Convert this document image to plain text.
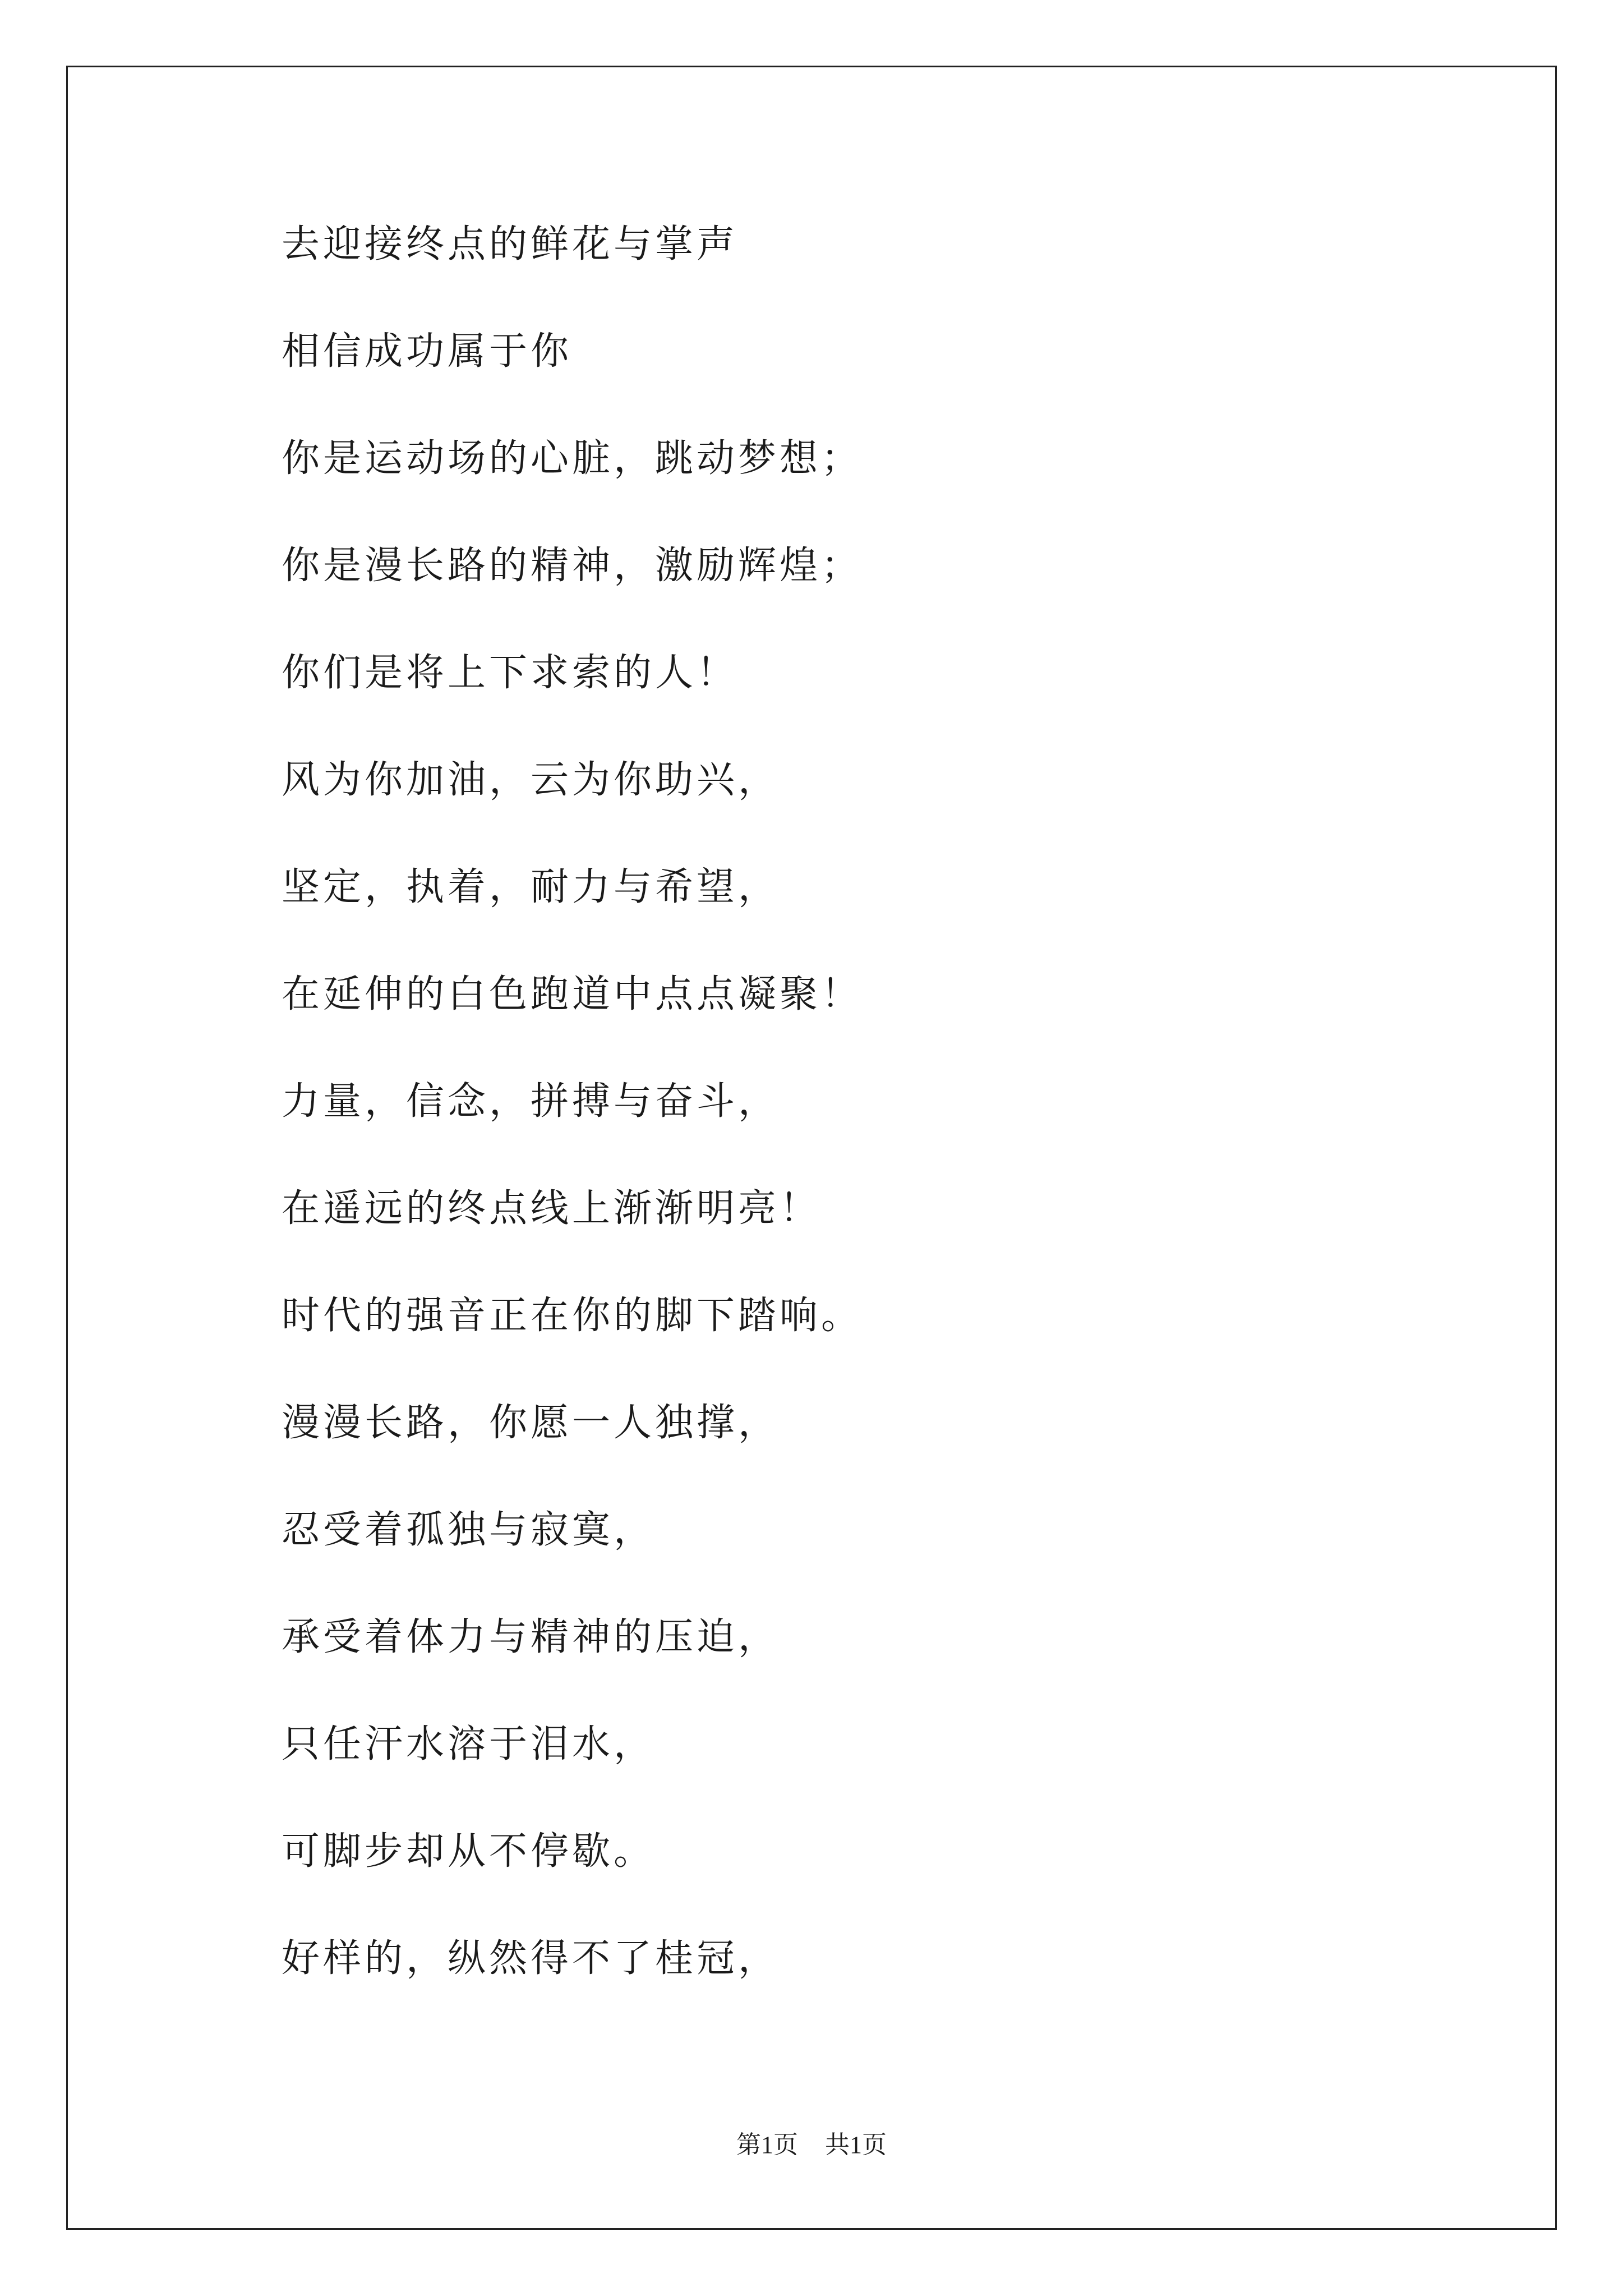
去迎接终点的鲜花与掌声
相信成功属于你
你是运动场的心脏，跳动梦想；
你是漫长路的精神，激励辉煌；
你们是将上下求索的人！
风为你加油，云为你助兴，
坚定，执着，耐力与希望，
在延伸的白色跑道中点点凝聚！
力量，信念，拼搏与奋斗，
在遥远的终点线上渐渐明亮！
时代的强音正在你的脚下踏响。
漫漫长路，你愿一人独撑，
忍受着孤独与寂寞，
承受着体力与精神的压迫，
只任汗水溶于泪水，
可脚步却从不停歇。
好样的，纵然得不了桂冠，
第1页 共1页
